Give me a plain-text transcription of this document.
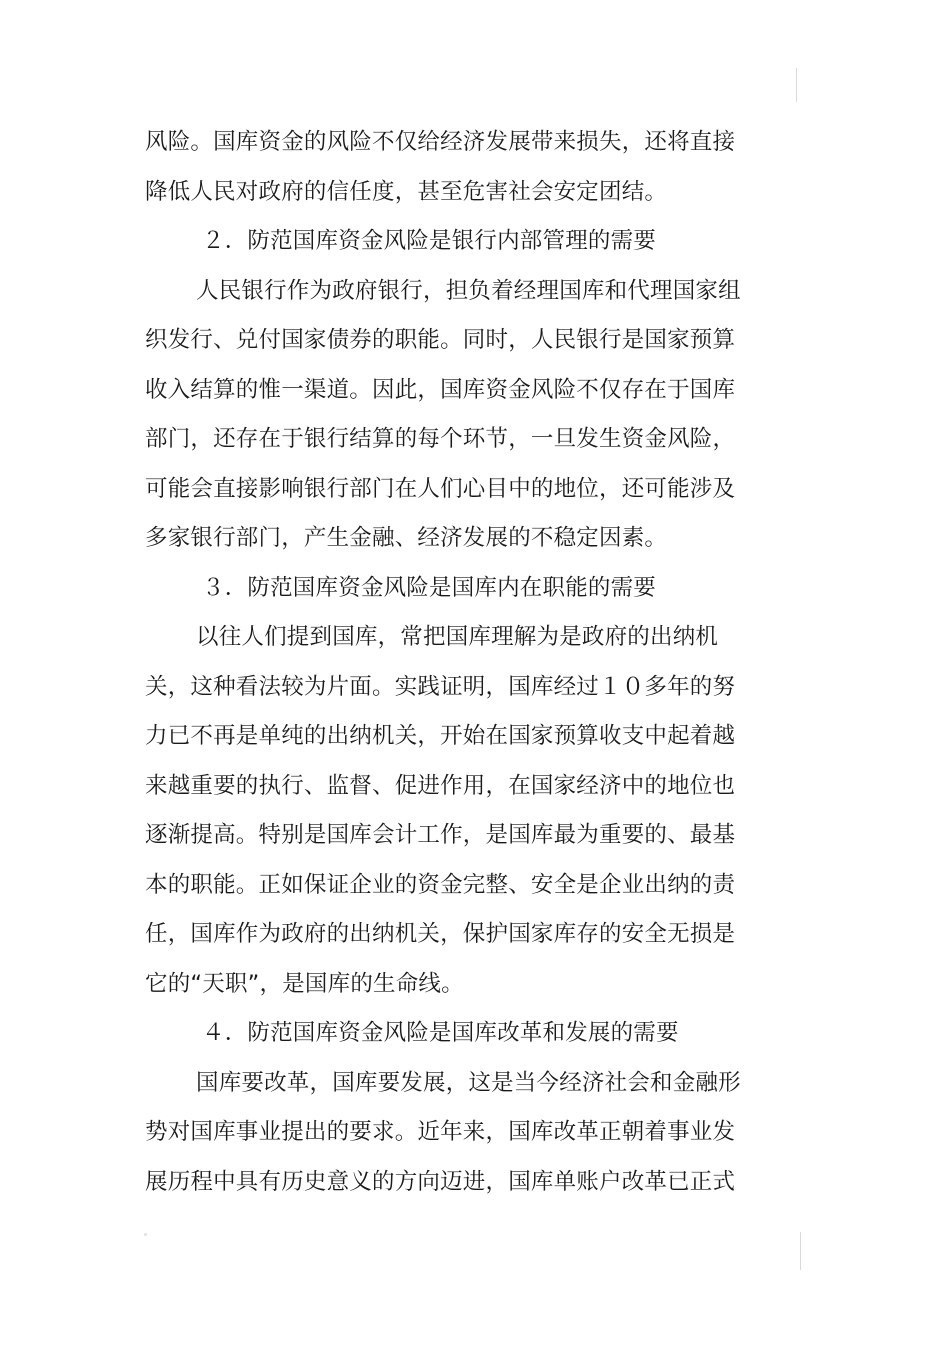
风险。国库资金的风险不仅给经济发展带来损失，还将直接
降低人民对政府的信任度，甚至危害社会安定团结。
２．防范国库资金风险是银行内部管理的需要
人民银行作为政府银行，担负着经理国库和代理国家组
织发行、兑付国家债券的职能。同时，人民银行是国家预算
收入结算的惟一渠道。因此，国库资金风险不仅存在于国库
部门，还存在于银行结算的每个环节，一旦发生资金风险，
可能会直接影响银行部门在人们心目中的地位，还可能涉及
多家银行部门，产生金融、经济发展的不稳定因素。
３．防范国库资金风险是国库内在职能的需要
以往人们提到国库，常把国库理解为是政府的出纳机
关，这种看法较为片面。实践证明，国库经过１０多年的努
力已不再是单纯的出纳机关，开始在国家预算收支中起着越
来越重要的执行、监督、促进作用，在国家经济中的地位也
逐渐提高。特别是国库会计工作，是国库最为重要的、最基
本的职能。正如保证企业的资金完整、安全是企业出纳的责
任，国库作为政府的出纳机关，保护国家库存的安全无损是
它的“天职”，是国库的生命线。
４．防范国库资金风险是国库改革和发展的需要
国库要改革，国库要发展，这是当今经济社会和金融形
势对国库事业提出的要求。近年来，国库改革正朝着事业发
展历程中具有历史意义的方向迈进，国库单账户改革已正式
